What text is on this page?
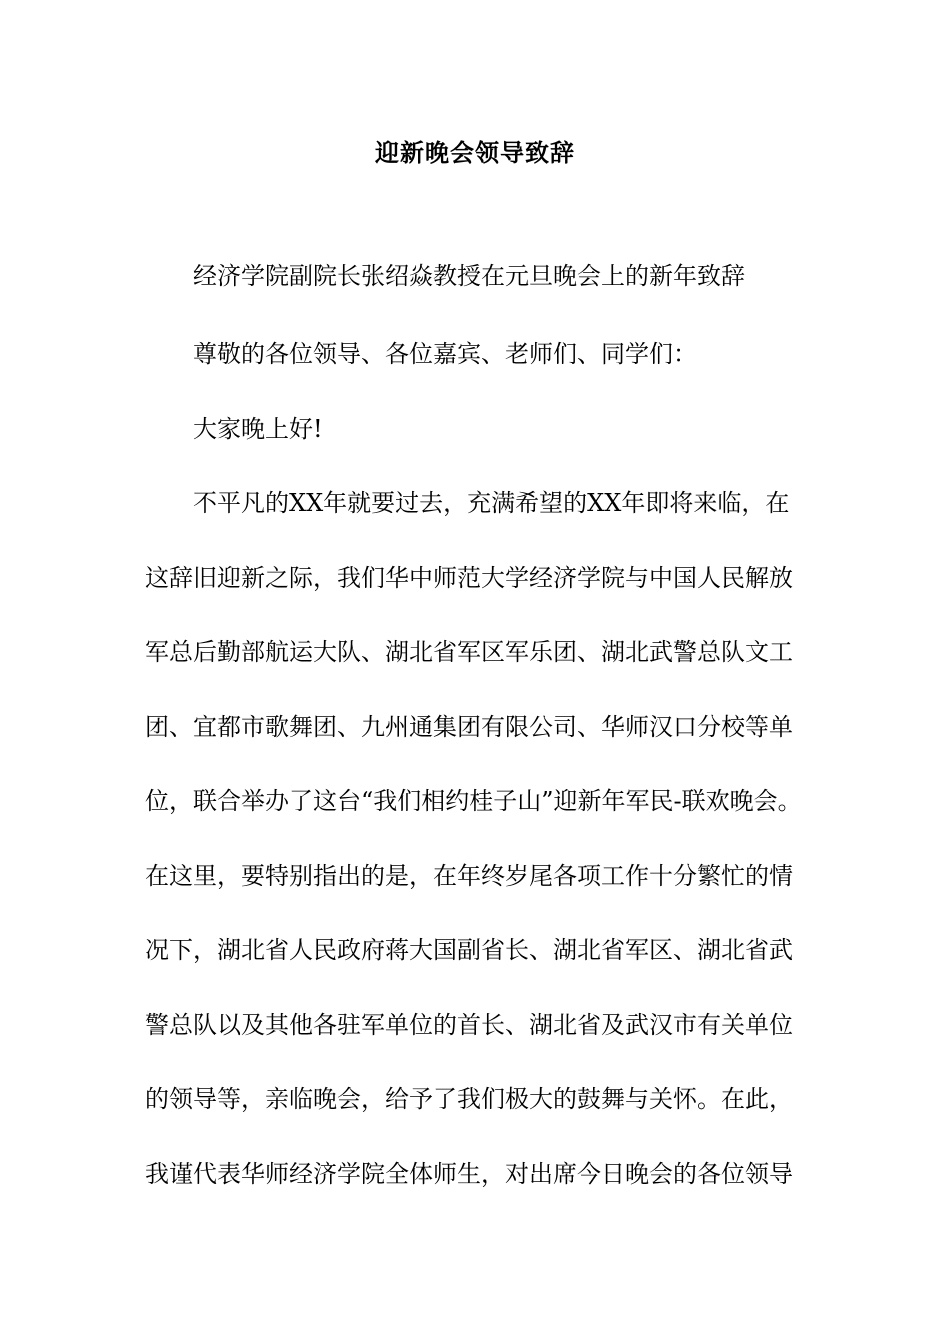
迎新晚会领导致辞
经济学院副院长张绍焱教授在元旦晚会上的新年致辞
尊敬的各位领导、各位嘉宾、老师们、同学们：
大家晚上好!
不平凡的XX年就要过去，充满希望的XX年即将来临，在
这辞旧迎新之际，我们华中师范大学经济学院与中国人民解放
军总后勤部航运大队、湖北省军区军乐团、湖北武警总队文工
团、宜都市歌舞团、九州通集团有限公司、华师汉口分校等单
位，联合举办了这台“我们相约桂子山”迎新年军民-联欢晚会。
在这里，要特别指出的是，在年终岁尾各项工作十分繁忙的情
况下，湖北省人民政府蒋大国副省长、湖北省军区、湖北省武
警总队以及其他各驻军单位的首长、湖北省及武汉市有关单位
的领导等，亲临晚会，给予了我们极大的鼓舞与关怀。在此，
我谨代表华师经济学院全体师生，对出席今日晚会的各位领导
